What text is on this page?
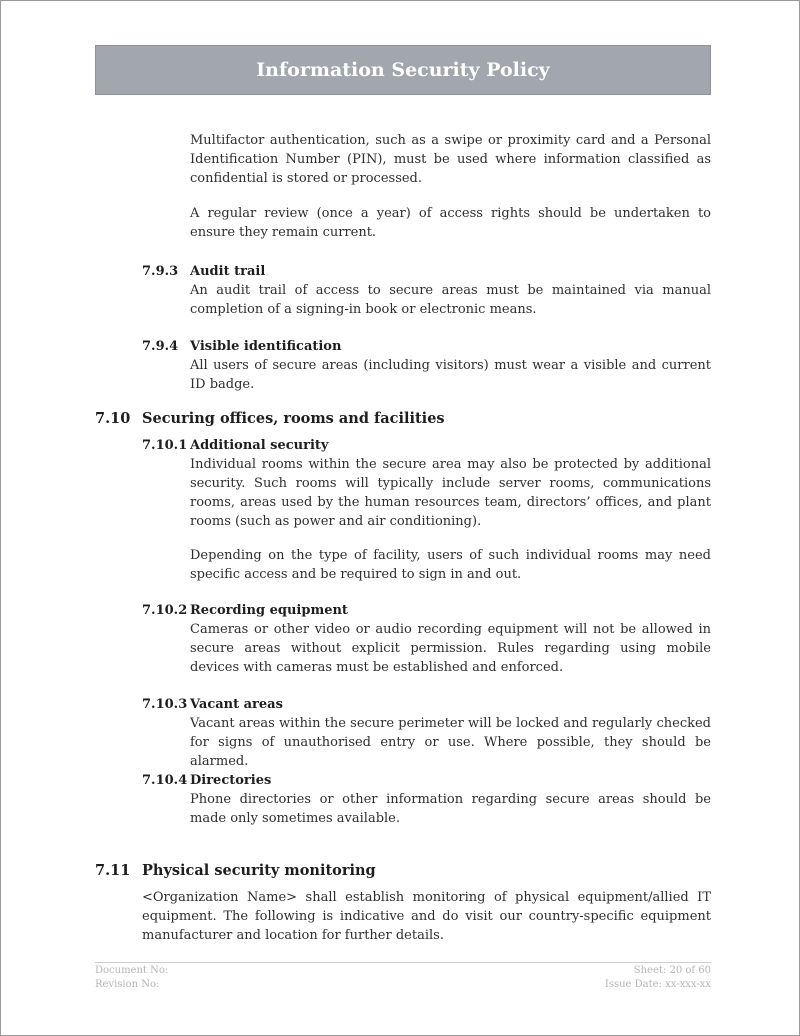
Information Security Policy

Multifactor authentication, such as a swipe or proximity card and a Personal Identification Number (PIN), must be used where information classified as confidential is stored or processed.

A regular review (once a year) of access rights should be undertaken to ensure they remain current.

7.9.3 Audit trail

An audit trail of access to secure areas must be maintained via manual completion of a signing-in book or electronic means.

7.9.4 Visible identification

All users of secure areas (including visitors) must wear a visible and current ID badge.

7.10 Securing offices, rooms and facilities
7.10.1 Additional security

Individual rooms within the secure area may also be protected by additional security. Such rooms will typically include server rooms, communications rooms, areas used by the human resources team, directors’ offices, and plant rooms (such as power and air conditioning).

Depending on the type of facility, users of such individual rooms may need specific access and be required to sign in and out.

7.10.2 Recording equipment

Cameras or other video or audio recording equipment will not be allowed in secure areas without explicit permission. Rules regarding using mobile devices with cameras must be established and enforced.

7.10.3 Vacant areas

Vacant areas within the secure perimeter will be locked and regularly checked for signs of unauthorised entry or use. Where possible, they should be alarmed.

7.10.4 Directories

Phone directories or other information regarding secure areas should be made only sometimes available.

7.11 Physical security monitoring

<Organization Name> shall establish monitoring of physical equipment/allied IT equipment. The following is indicative and do visit our country-specific equipment manufacturer and location for further details.

Document No:
Revision No:
Sheet: 20 of 60
Issue Date: xx-xxx-xx
